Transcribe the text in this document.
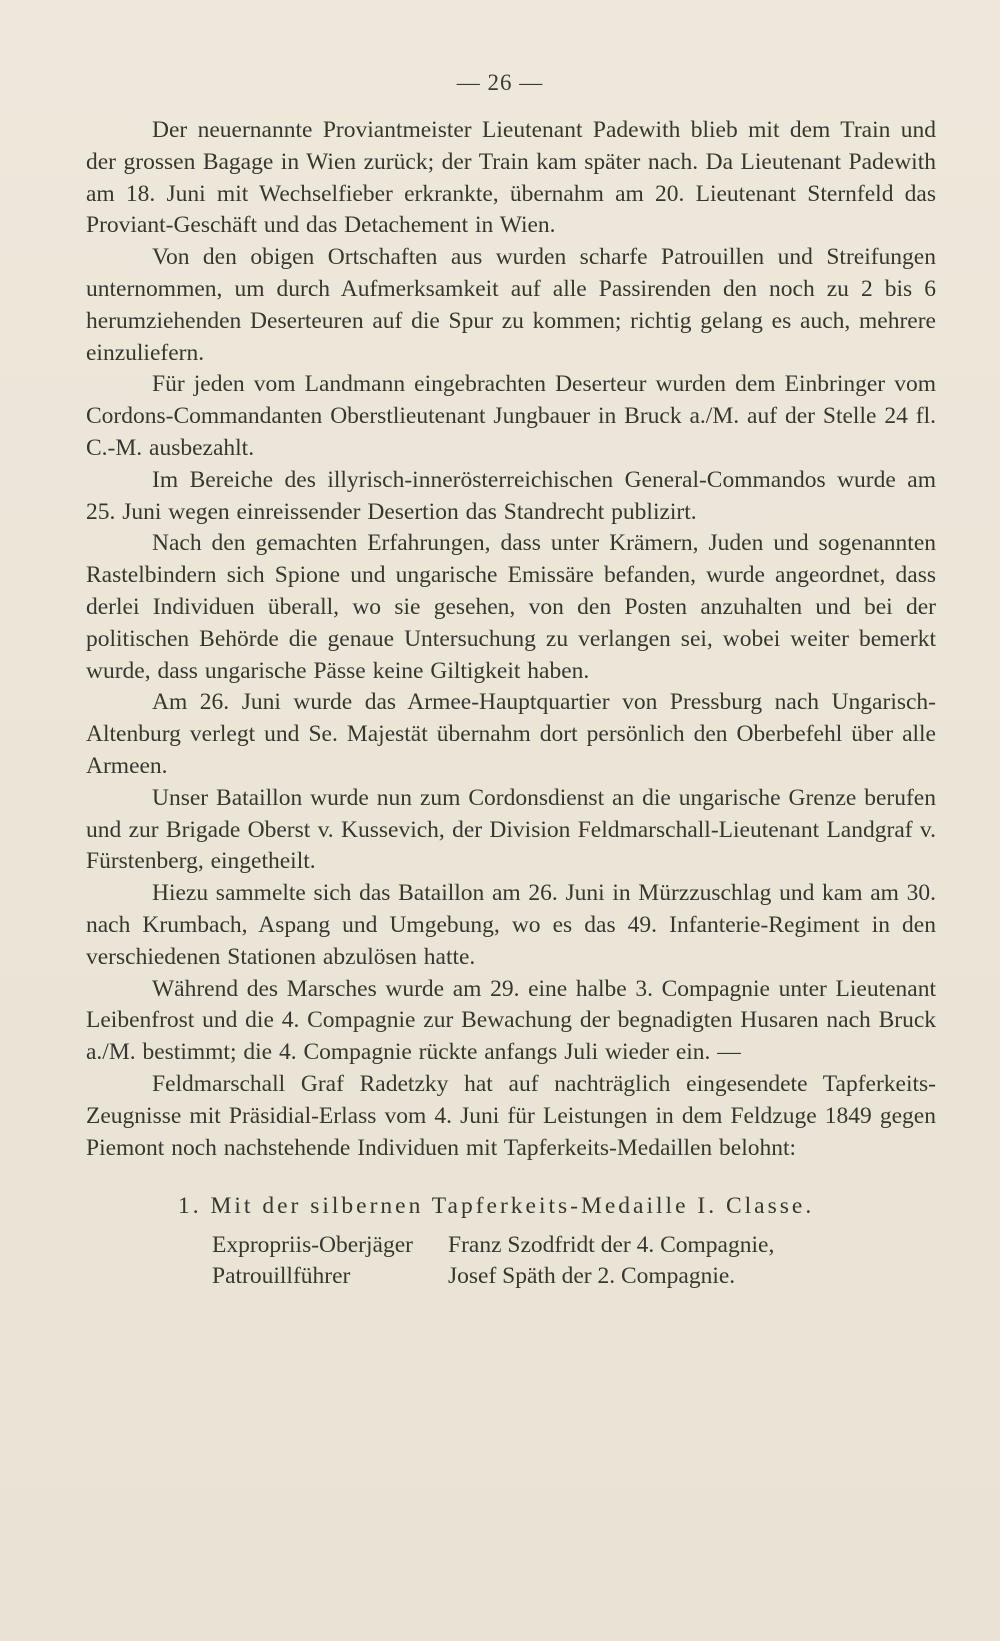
— 26 —

Der neuernannte Proviantmeister Lieutenant Padewith blieb mit dem Train und der grossen Bagage in Wien zurück; der Train kam später nach. Da Lieutenant Padewith am 18. Juni mit Wechselfieber erkrankte, übernahm am 20. Lieutenant Sternfeld das Proviant-Geschäft und das Detachement in Wien.

Von den obigen Ortschaften aus wurden scharfe Patrouillen und Streifungen unternommen, um durch Aufmerksamkeit auf alle Passirenden den noch zu 2 bis 6 herumziehenden Deserteuren auf die Spur zu kommen; richtig gelang es auch, mehrere einzuliefern.

Für jeden vom Landmann eingebrachten Deserteur wurden dem Einbringer vom Cordons-Commandanten Oberstlieutenant Jungbauer in Bruck a./M. auf der Stelle 24 fl. C.-M. ausbezahlt.

Im Bereiche des illyrisch-innerösterreichischen General-Commandos wurde am 25. Juni wegen einreissender Desertion das Standrecht publizirt.

Nach den gemachten Erfahrungen, dass unter Krämern, Juden und sogenannten Rastelbindern sich Spione und ungarische Emissäre befanden, wurde angeordnet, dass derlei Individuen überall, wo sie gesehen, von den Posten anzuhalten und bei der politischen Behörde die genaue Untersuchung zu verlangen sei, wobei weiter bemerkt wurde, dass ungarische Pässe keine Giltigkeit haben.

Am 26. Juni wurde das Armee-Hauptquartier von Pressburg nach Ungarisch-Altenburg verlegt und Se. Majestät übernahm dort persönlich den Oberbefehl über alle Armeen.

Unser Bataillon wurde nun zum Cordonsdienst an die ungarische Grenze berufen und zur Brigade Oberst v. Kussevich, der Division Feldmarschall-Lieutenant Landgraf v. Fürstenberg, eingetheilt.

Hiezu sammelte sich das Bataillon am 26. Juni in Mürzzuschlag und kam am 30. nach Krumbach, Aspang und Umgebung, wo es das 49. Infanterie-Regiment in den verschiedenen Stationen abzulösen hatte.

Während des Marsches wurde am 29. eine halbe 3. Compagnie unter Lieutenant Leibenfrost und die 4. Compagnie zur Bewachung der begnadigten Husaren nach Bruck a./M. bestimmt; die 4. Compagnie rückte anfangs Juli wieder ein. —

Feldmarschall Graf Radetzky hat auf nachträglich eingesendete Tapferkeits-Zeugnisse mit Präsidial-Erlass vom 4. Juni für Leistungen in dem Feldzuge 1849 gegen Piemont noch nachstehende Individuen mit Tapferkeits-Medaillen belohnt:

1. Mit der silbernen Tapferkeits-Medaille I. Classe.
Expropriis-Oberjäger	Franz Szodfridt der 4. Compagnie,
Patrouillführer	Josef Späth der 2. Compagnie.
